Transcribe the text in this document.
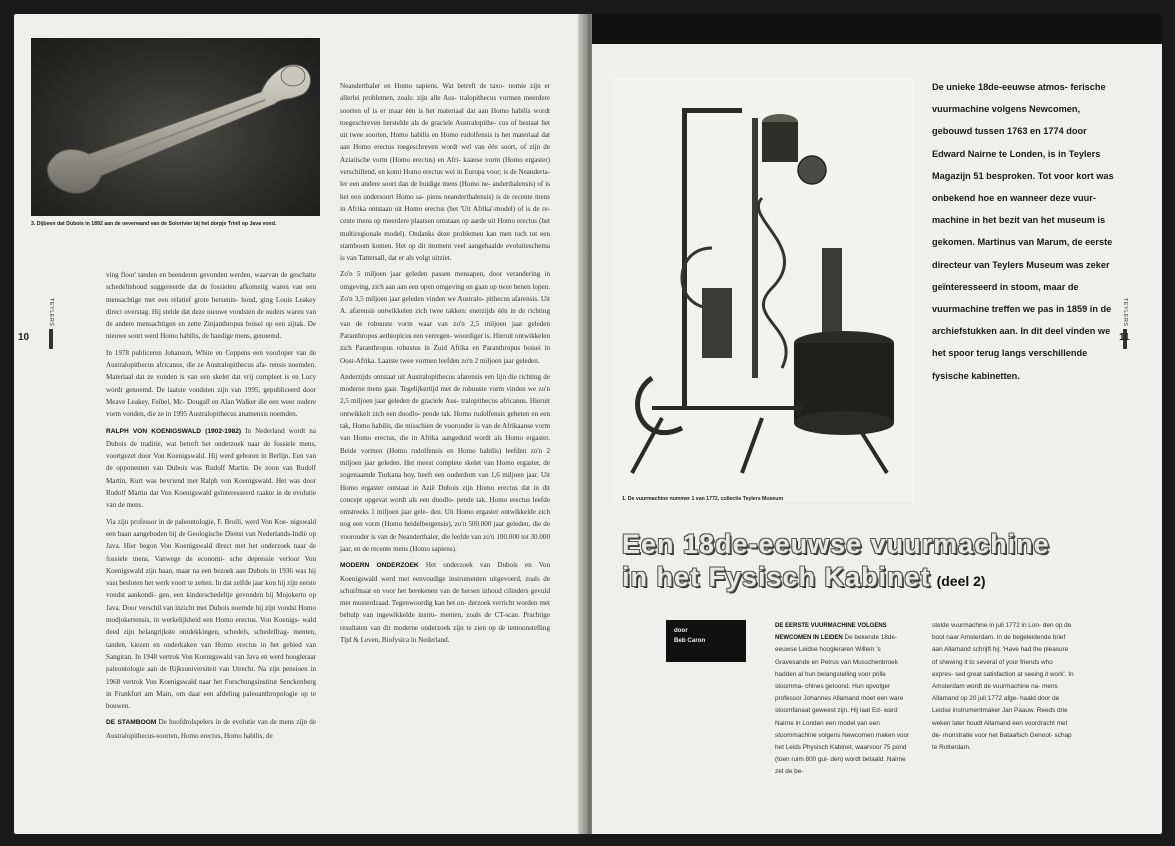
3. Dijbeen dat Dubois in 1892 aan de oeverwand van de Solorivier bij het dorpje Trinil op Java vond.
TEYLERS
10

ving floor' tanden en beenderen gevonden werden, waarvan de geschatte schedelinhoud suggereerde dat de fossielen afkomstig waren van een mensachtige met een relatief grote hersenin- houd, ging Louis Leakey direct overstag. Hij stelde dat deze nieuwe vondsten de ouders waren van de andere mensachtigen en zette Zinjanthropus boisei op een zijtak. De nieuwe soort werd Homo habilis, de handige mens, genoemd.

In 1978 publiceren Johanson, White en Coppens een voorloper van de Australopithecus africanus, die ze Australopithecus afa- rensis noemden. Materiaal dat ze vonden is van een skelet dat vrij compleet is en Lucy wordt genoemd. De laatste vondsten zijn van 1995, gepubliceerd door Meave Leakey, Feibel, Mc- Dougall en Alan Walker die een weer oudere vorm vonden, die ze in 1995 Australopithecus anamensis noemden.

RALPH VON KOENIGSWALD (1902-1982) In Nederland wordt na Dubois de traditie, wat betreft het onderzoek naar de fossiele mens, voortgezet door Von Koenigswald. Hij werd geboren in Berlijn. Een van de opponenten van Dubois was Rudolf Martin. De zoon van Rudolf Martin, Kurt was bevriend met Ralph von Koenigswald. Het was door Rudolf Martin dat Von Koenigswald geïnteresseerd raakte in de evolutie van de mens.

Via zijn professor in de paleontologie, F. Broili, werd Von Koe- nigswald een baan aangeboden bij de Geologische Dienst van Nederlands-Indië op Java. Hier begon Von Koenigswald direct met het onderzoek naar de fossiele mens. Vanwege de economi- sche depressie verloor Von Koenigswald zijn baan, maar na een bezoek aan Dubois in 1936 was hij vast besloten het werk voort te zetten. In dat zelfde jaar kon hij zijn eerste vondst aankondi- gen, een kinderschedeltje gevonden bij Mojokerto op Java. Door verschil van inzicht met Dubois noemde hij zijn vondst Homo modjokertensis, in werkelijkheid een Homo erectus. Von Koenigs- wald deed zijn belangrijkste ontdekkingen, schedels, schedelfrag- menten, tanden, kiezen en onderkaken van Homo erectus in het gebied van Sangiran. In 1948 vertrok Von Koenigswald van Java en werd hoogleraar paleontologie aan de Rijksuniversiteit van Utrecht. Na zijn pensioen in 1968 vertrok Von Koenigswald naar het Forschungsinstitut Senckenberg in Frankfurt am Main, om daar een afdeling paleoanthropologie op te bouwen.

DE STAMBOOM De hoofdrolspelers in de evolutie van de mens zijn de Australopithecus-soorten, Homo erectus, Homo habilis, de

Neanderthaler en Homo sapiens. Wat betreft de taxo- nomie zijn er allerlei problemen, zoals: zijn alle Aus- tralopithecus vormen meerdere soorten of is er maar één is het materiaal dat aan Homo habilis wordt toegeschreven herstelde als de graciele Australopithe- cus of bestaat het uit twee soorten, Homo habilis en Homo rudolfensis is het materiaal dat aan Homo erectus toegeschreven wordt wel van één soort, of zijn de Aziatische vorm (Homo erectus) en Afri- kaanse vorm (Homo ergaster) verschillend, en komt Homo erectus wel in Europa voor; is de Neanderta- ler een andere soort dan de huidige mens (Homo ne- anderthalensis) of is het een ondersoort Homo sa- piens neanderthalensis) is de recente mens in Afrika ontstaan uit Homo erectus (het 'Uit Afrika'-model) of is de re- cente mens op meerdere plaatsen ontstaan op aarde uit Homo erectus (het multiregionale model). Ondanks deze problemen kan men toch tot een stamboom komen. Het op dit moment veel aangehaalde evolutieschema is van Tattersall, dat er als volgt uitziet.

Zo'n 5 miljoen jaar geleden passen mensapen, door verandering in omgeving, zich aan aan een open omgeving en gaan op twee benen lopen. Zo'n 3,5 miljoen jaar geleden vinden we Australo- pithecus afarensis. Uit A. afarensis ontwikkelen zich twee takken: enerzijds één in de richting van de robuuste vorm waar van zo'n 2,5 miljoen jaar geleden Paranthropus aethiopicus een verregen- woordiger is. Hieruit ontwikkelen zich Paranthropus robustus in Zuid Afrika en Paranthropus boisei in Oost-Afrika. Laatste twee vormen leefden zo'n 2 miljoen jaar geleden.

Anderzijds ontstaat uit Australopithecus afarensis een lijn die richting de moderne mens gaat. Tegelijkertijd met de robuuste vorm vinden we zo'n 2,5 miljoen jaar geleden de graciele Aus- tralopithecus africanus. Hieruit ontwikkelt zich een doodlo- pende tak. Homo rudolfensis geheten en een tak, Homo habilis, die misschien de voorouder is van de Afrikaanse vorm van Homo erectus, die in Afrika aangeduid wordt als Homo ergaster. Beide vormen (Homo rudolfensis en Homo habilis) leefden zo'n 2 miljoen jaar geleden. Het meest complete skelet van Homo ergaster, de zogenaamde Turkana boy, heeft een ouderdom van 1,6 miljoen jaar. Uit Homo ergaster ontstaat in Azië Dubois zijn Homo erectus dat in dit concept opgevat wordt als een doodlo- pende tak. Homo erectus leefde omstreeks 1 miljoen jaar gele- den. Uit Homo ergaster ontwikkelde zich nog een vorm (Homo heidelbergensis), zo'n 500.000 jaar geleden, die de voorouder is van de Neanderthaler, die leefde van zo'n 100.000 tot 30.000 jaar, en de recente mens (Homo sapiens).

MODERN ONDERZOEK Het onderzoek van Dubois en Von Koenigswald werd met eenvoudige instrumenten uitgevoerd, zoals de schuifmaat en voor het berekenen van de hersen inhoud cilinders gevuld met mosterdzaad. Tegenwoordig kan het on- derzoek verricht worden met behulp van ingewikkelde instru- menten, zoals de CT-scan. Prachtige resultaten van dit moderne onderzoek zijn te zien op de tentoonstelling Tijd & Leven, Biofysica in Nederland.

1. De vuurmachine nummer 1 van 1772, collectie Teylers Museum
De unieke 18de-eeuwse atmos- ferische vuurmachine volgens Newcomen, gebouwd tussen 1763 en 1774 door Edward Nairne te Londen, is in Teylers Magazijn 51 besproken. Tot voor kort was onbekend hoe en wanneer deze vuur- machine in het bezit van het museum is gekomen. Martinus van Marum, de eerste directeur van Teylers Museum was zeker geïnteresseerd in stoom, maar de vuurmachine treffen we pas in 1859 in de archiefstukken aan. In dit deel vinden we het spoor terug langs verschillende fysische kabinetten.
TEYLERS
11
Een 18de-eeuwse vuurmachine
in het Fysisch Kabinet (deel 2)
door
Beb Caron
DE EERSTE VUURMACHINE VOLGENS NEWCOMEN IN LEIDEN De bekende 18de-eeuwse Leidse hoogleraren Willem 's Gravesande en Petrus van Musschenbroek hadden al hun belangstelling voor prille stoomma- chines getoond. Hun opvolger professor Johannes Allamand moet een ware stoomfanaat geweest zijn. Hij laat Ed- ward Nairne in Londen een model van een stoommachine volgens Newcomen maken voor het Leids Physisch Kabinet, waarvoor 75 pond (toen ruim 800 gul- den) wordt betaald. Nairne zet de be-
stelde vuurmachine in juli 1772 in Lon- den op de boot naar Amsterdam. In de begeleidende brief aan Allamand schrijft hij: 'Have had the pleasure of shewing it to several of your friends who expres- sed great satisfaction at seeing it work'. In Amsterdam wordt de vuurmachine na- mens Allamand op 20 juli 1772 afge- haald door de Leidse instrumentmaker Jan Paauw. Reeds drie weken later houdt Allamand een voordracht met de- monstratie voor het Bataafsch Genoot- schap te Rotterdam.
